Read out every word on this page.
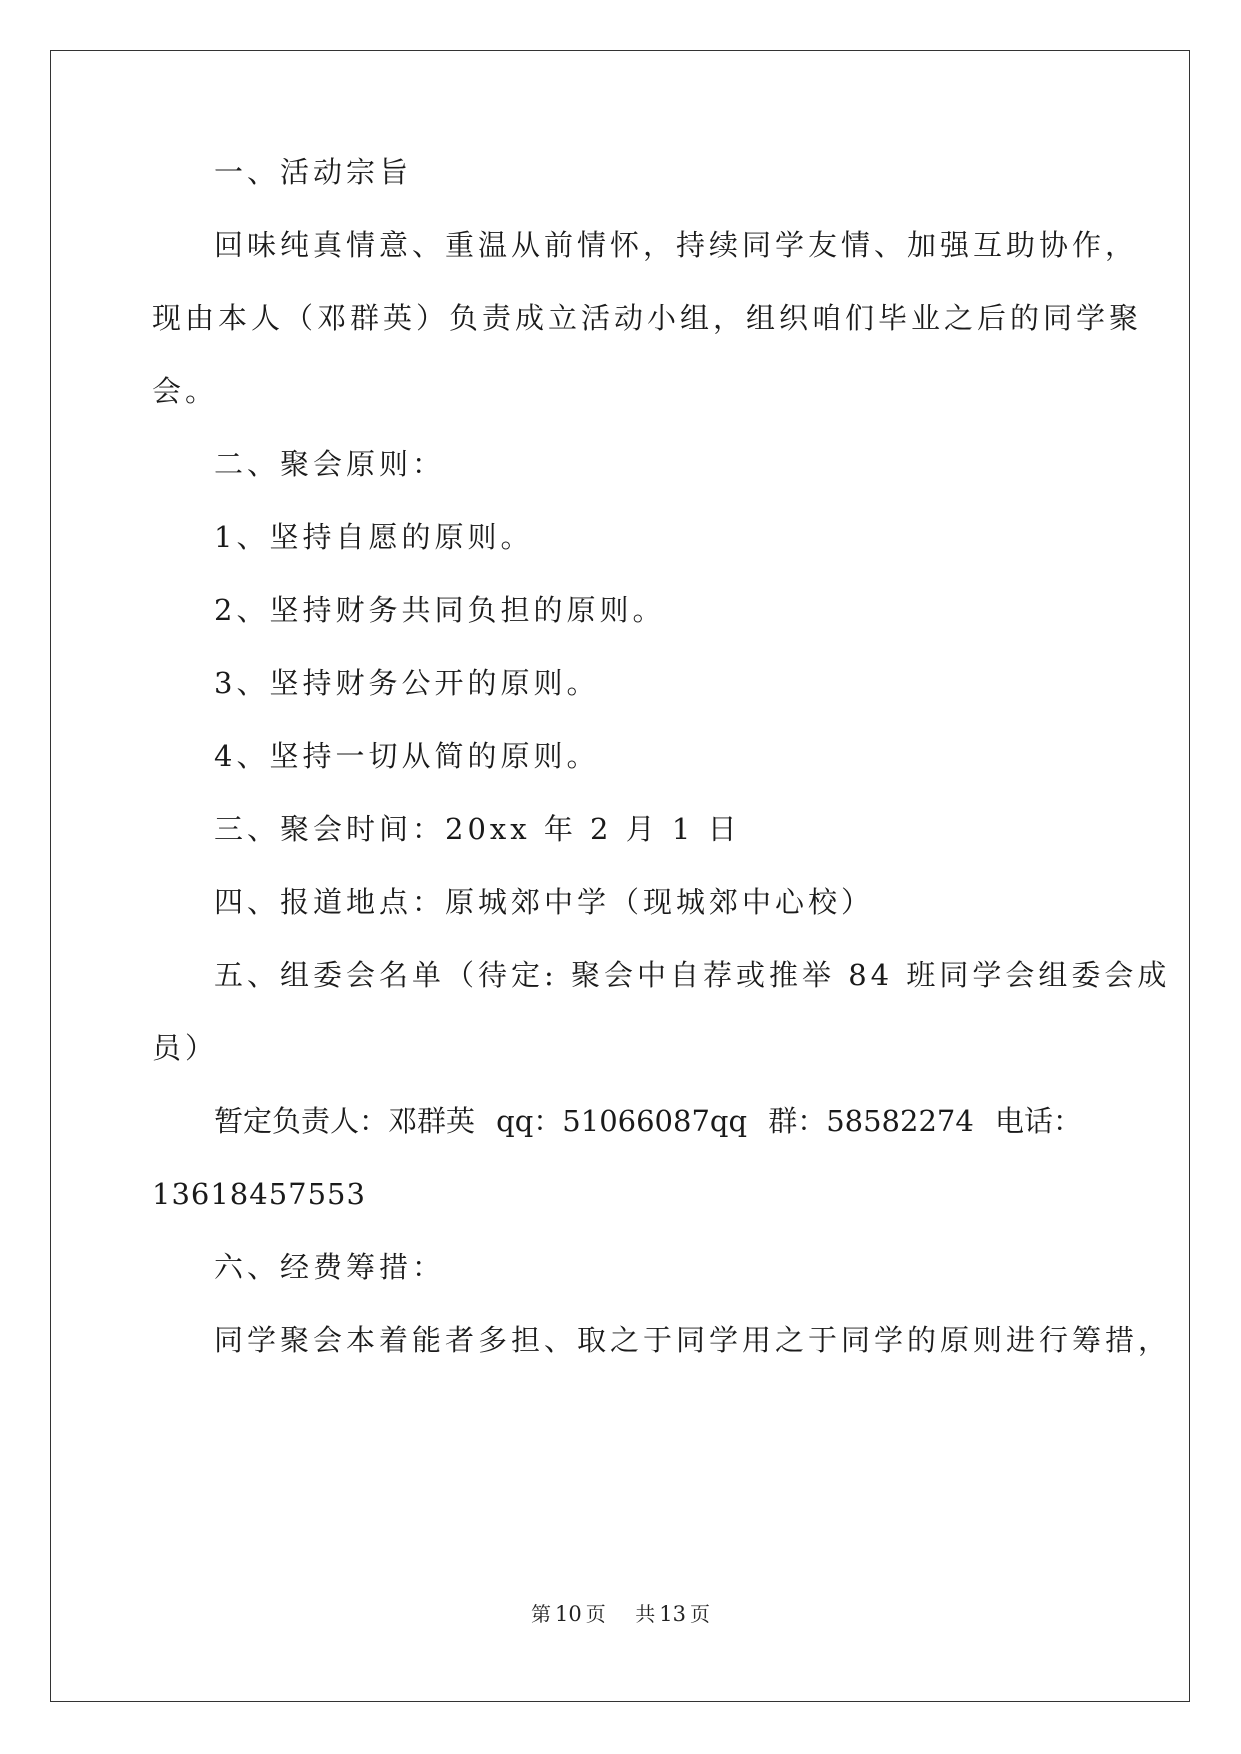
一、活动宗旨
回味纯真情意、重温从前情怀，持续同学友情、加强互助协作，
现由本人（邓群英）负责成立活动小组，组织咱们毕业之后的同学聚
会。
二、聚会原则：
1、坚持自愿的原则。
2、坚持财务共同负担的原则。
3、坚持财务公开的原则。
4、坚持一切从简的原则。
三、聚会时间：20xx 年 2 月 1 日
四、报道地点：原城郊中学（现城郊中心校）
五、组委会名单（待定: 聚会中自荐或推举 84 班同学会组委会成
员）
暂定负责人：邓群英 qq：51066087qq 群：58582274 电话：
13618457553
六、经费筹措：
同学聚会本着能者多担、取之于同学用之于同学的原则进行筹措，
第 10 页 共 13 页
